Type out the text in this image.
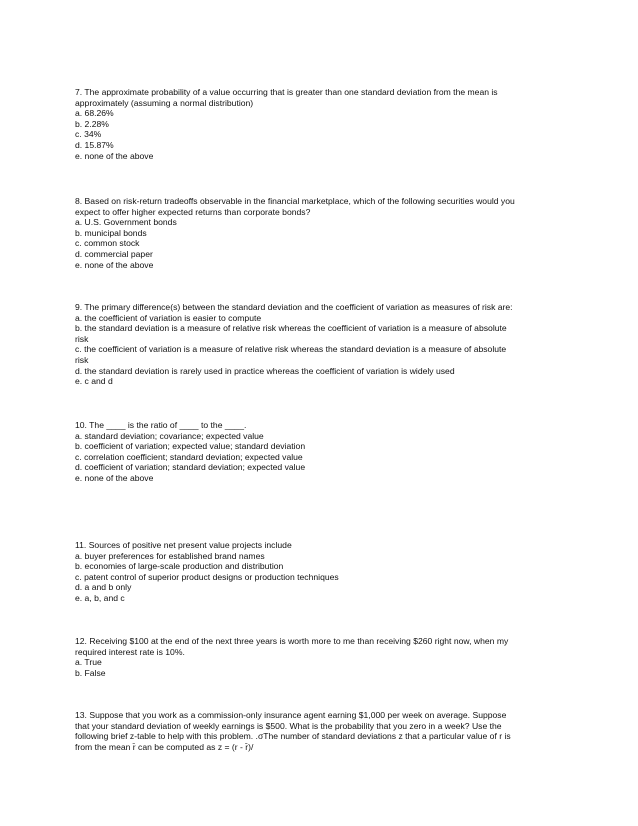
7. The approximate probability of a value occurring that is greater than one standard deviation from the mean is
approximately (assuming a normal distribution)
a. 68.26%
b. 2.28%
c. 34%
d. 15.87%
e. none of the above
8. Based on risk-return tradeoffs observable in the financial marketplace, which of the following securities would you
expect to offer higher expected returns than corporate bonds?
a. U.S. Government bonds
b. municipal bonds
c. common stock
d. commercial paper
e. none of the above
9. The primary difference(s) between the standard deviation and the coefficient of variation as measures of risk are:
a. the coefficient of variation is easier to compute
b. the standard deviation is a measure of relative risk whereas the coefficient of variation is a measure of absolute
risk
c. the coefficient of variation is a measure of relative risk whereas the standard deviation is a measure of absolute
risk
d. the standard deviation is rarely used in practice whereas the coefficient of variation is widely used
e. c and d
10. The ____ is the ratio of ____ to the ____.
a. standard deviation; covariance; expected value
b. coefficient of variation; expected value; standard deviation
c. correlation coefficient; standard deviation; expected value
d. coefficient of variation; standard deviation; expected value
e. none of the above
11. Sources of positive net present value projects include
a. buyer preferences for established brand names
b. economies of large-scale production and distribution
c. patent control of superior product designs or production techniques
d. a and b only
e. a, b, and c
12. Receiving $100 at the end of the next three years is worth more to me than receiving $260 right now, when my
required interest rate is 10%.
a. True
b. False
13. Suppose that you work as a commission-only insurance agent earning $1,000 per week on average. Suppose
that your standard deviation of weekly earnings is $500. What is the probability that you zero in a week? Use the
following brief z-table to help with this problem. .σThe number of standard deviations z that a particular value of r is
from the mean r̄ can be computed as z = (r - r̄)/
